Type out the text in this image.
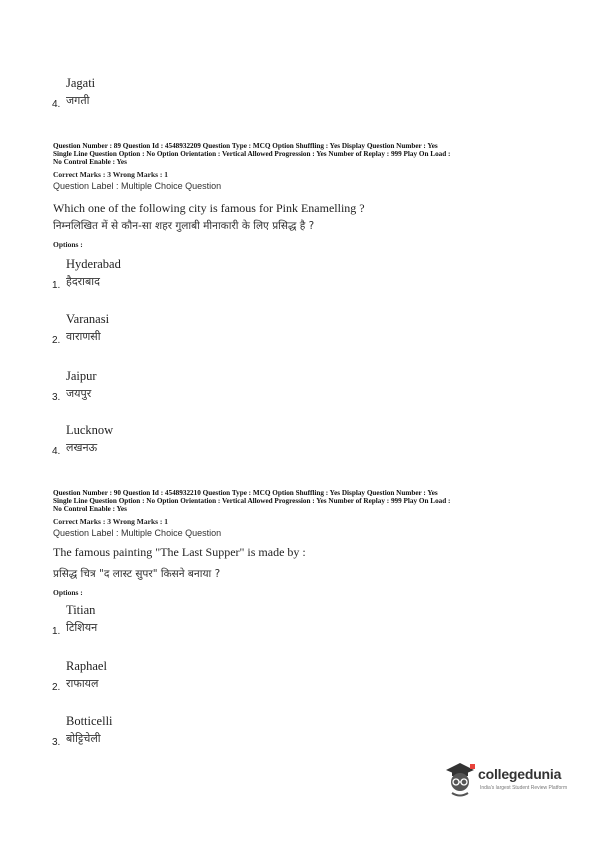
Jagati
जगती
4.
Question Number : 89 Question Id : 4548932209 Question Type : MCQ Option Shuffling : Yes Display Question Number : Yes
Single Line Question Option : No Option Orientation : Vertical Allowed Progression : Yes Number of Replay : 999 Play On Load :
No Control Enable : Yes
Correct Marks : 3 Wrong Marks : 1
Question Label : Multiple Choice Question
Which one of the following city is famous for Pink Enamelling ?
निम्नलिखित में से कौन-सा शहर गुलाबी मीनाकारी के लिए प्रसिद्ध है ?
Options :
Hyderabad
हैदराबाद
1.
Varanasi
वाराणसी
2.
Jaipur
जयपुर
3.
Lucknow
लखनऊ
4.
Question Number : 90 Question Id : 4548932210 Question Type : MCQ Option Shuffling : Yes Display Question Number : Yes
Single Line Question Option : No Option Orientation : Vertical Allowed Progression : Yes Number of Replay : 999 Play On Load :
No Control Enable : Yes
Correct Marks : 3 Wrong Marks : 1
Question Label : Multiple Choice Question
The famous painting "The Last Supper" is made by :
प्रसिद्ध चित्र "द लास्ट सुपर" किसने बनाया ?
Options :
Titian
टिशियन
1.
Raphael
राफायल
2.
Botticelli
बोट्टिचेली
3.
collegedunia
India's largest Student Review Platform
